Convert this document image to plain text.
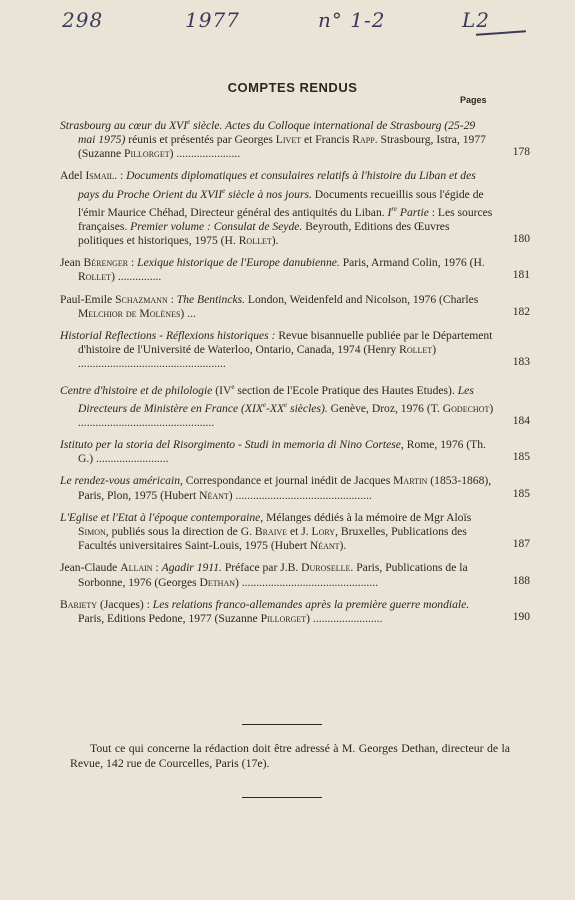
298	1977	n° 1-2	L2
COMPTES RENDUS
Pages
Strasbourg au cœur du XVIe siècle. Actes du Colloque international de Strasbourg (25-29 mai 1975) réunis et présentés par Georges Livet et Francis Rapp. Strasbourg, Istra, 1977 (Suzanne Pillorget) ......................	178
Adel Ismail. : Documents diplomatiques et consulaires relatifs à l'histoire du Liban et des pays du Proche Orient du XVIIe siècle à nos jours. Documents recueillis sous l'égide de l'émir Maurice Chéhad, Directeur général des antiquités du Liban. Ire Partie : Les sources françaises. Premier volume : Consulat de Seyde. Beyrouth, Editions des Œuvres politiques et historiques, 1975 (H. Rollet).	180
Jean Bérenger : Lexique historique de l'Europe danubienne. Paris, Armand Colin, 1976 (H. Rollet) ...............	181
Paul-Emile Schazmann : The Bentincks. London, Weidenfeld and Nicolson, 1976 (Charles Melchior de Molènes) ...	182
Historial Reflections - Réflexions historiques : Revue bisannuelle publiée par le Département d'histoire de l'Université de Waterloo, Ontario, Canada, 1974 (Henry Rollet) ...................................................	183
Centre d'histoire et de philologie (IVe section de l'Ecole Pratique des Hautes Etudes). Les Directeurs de Ministère en France (XIXe-XXe siècles). Genève, Droz, 1976 (T. Godechot) ...............................................	184
Istituto per la storia del Risorgimento - Studi in memoria di Nino Cortese, Rome, 1976 (Th. G.) .........................	185
Le rendez-vous américain, Correspondance et journal inédit de Jacques Martin (1853-1868), Paris, Plon, 1975 (Hubert Néant) ...............................................	185
L'Eglise et l'Etat à l'époque contemporaine, Mélanges dédiés à la mémoire de Mgr Aloïs Simon, publiés sous la direction de G. Braive et J. Lory, Bruxelles, Publications des Facultés universitaires Saint-Louis, 1975 (Hubert Néant).	187
Jean-Claude Allain : Agadir 1911. Préface par J.B. Duroselle. Paris, Publications de la Sorbonne, 1976 (Georges Dethan) ...............................................	188
Bariety (Jacques) : Les relations franco-allemandes après la première guerre mondiale. Paris, Editions Pedone, 1977 (Suzanne Pillorget) ........................	190
Tout ce qui concerne la rédaction doit être adressé à M. Georges Dethan, directeur de la Revue, 142 rue de Courcelles, Paris (17e).
